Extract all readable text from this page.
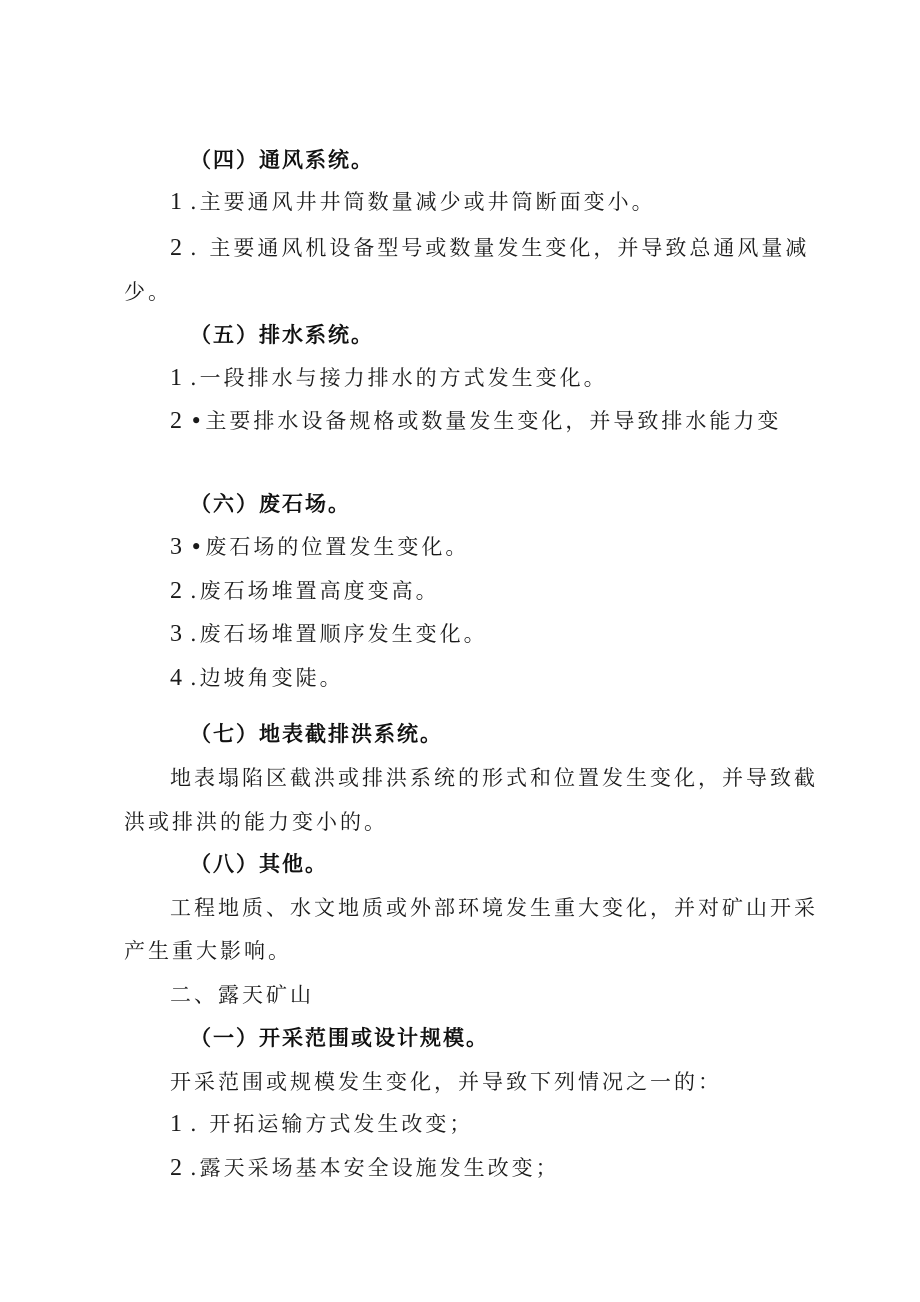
（四）通风系统。
1 .主要通风井井筒数量减少或井筒断面变小。
2 . 主要通风机设备型号或数量发生变化，并导致总通风量减
少。
（五）排水系统。
1 .一段排水与接力排水的方式发生变化。
2 •主要排水设备规格或数量发生变化，并导致排水能力变
（六）废石场。
3 •废石场的位置发生变化。
2 .废石场堆置高度变高。
3 .废石场堆置顺序发生变化。
4 .边坡角变陡。
（七）地表截排洪系统。
地表塌陷区截洪或排洪系统的形式和位置发生变化，并导致截
洪或排洪的能力变小的。
（八）其他。
工程地质、水文地质或外部环境发生重大变化，并对矿山开采
产生重大影响。
二、露天矿山
（一）开采范围或设计规模。
开采范围或规模发生变化，并导致下列情况之一的：
1 . 开拓运输方式发生改变；
2 .露天采场基本安全设施发生改变；
